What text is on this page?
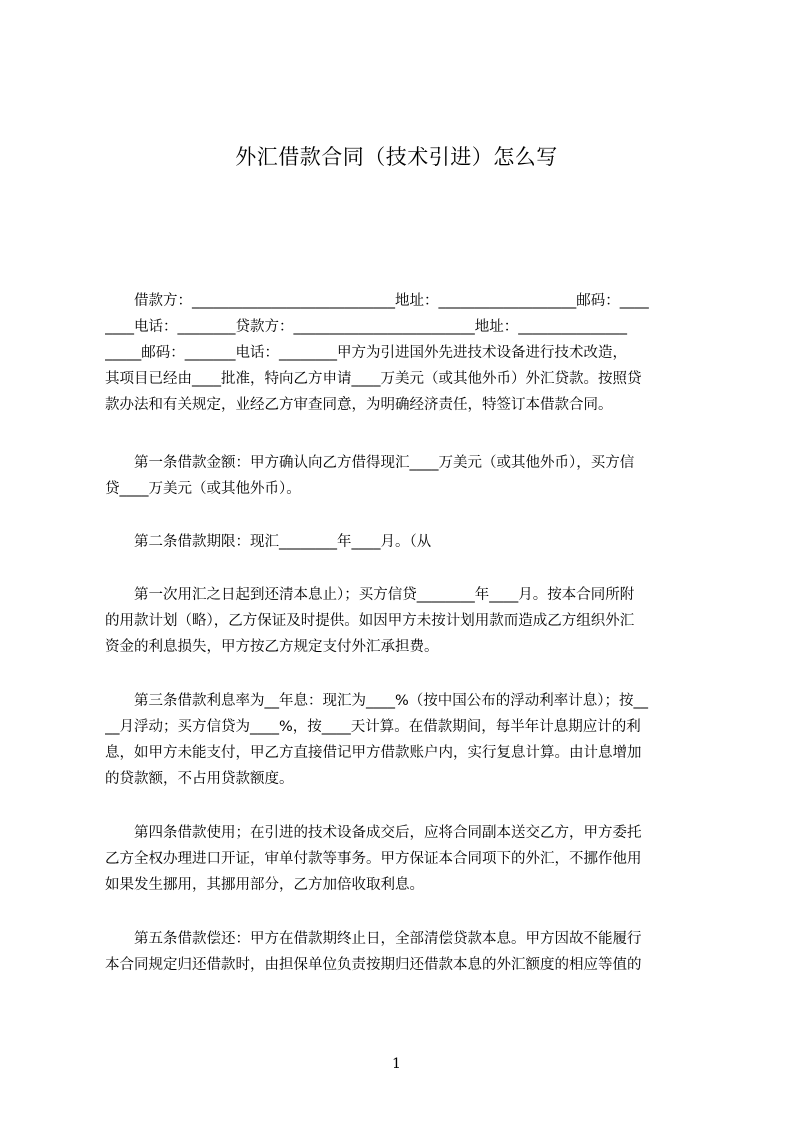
外汇借款合同（技术引进）怎么写
　　借款方：____________________________地址：___________________邮码：____
____电话：________贷款方：_________________________地址：_______________
_____邮码：_______电话：________甲方为引进国外先进技术设备进行技术改造，
其项目已经由____批准，特向乙方申请____万美元（或其他外币）外汇贷款。按照贷
款办法和有关规定，业经乙方审查同意，为明确经济责任，特签订本借款合同。
　　第一条借款金额：甲方确认向乙方借得现汇____万美元（或其他外币），买方信
贷____万美元（或其他外币）。
　　第二条借款期限：现汇________年____月。（从
　　第一次用汇之日起到还清本息止）；买方信贷________年____月。按本合同所附
的用款计划（略），乙方保证及时提供。如因甲方未按计划用款而造成乙方组织外汇
资金的利息损失，甲方按乙方规定支付外汇承担费。
　　第三条借款利息率为__年息：现汇为____%（按中国公布的浮动利率计息）；按__
__月浮动；买方信贷为____%，按____天计算。在借款期间，每半年计息期应计的利
息，如甲方未能支付，甲乙方直接借记甲方借款账户内，实行复息计算。由计息增加
的贷款额，不占用贷款额度。
　　第四条借款使用；在引进的技术设备成交后，应将合同副本送交乙方，甲方委托
乙方全权办理进口开证，审单付款等事务。甲方保证本合同项下的外汇，不挪作他用
如果发生挪用，其挪用部分，乙方加倍收取利息。
　　第五条借款偿还：甲方在借款期终止日，全部清偿贷款本息。甲方因故不能履行
本合同规定归还借款时，由担保单位负责按期归还借款本息的外汇额度的相应等值的
1
